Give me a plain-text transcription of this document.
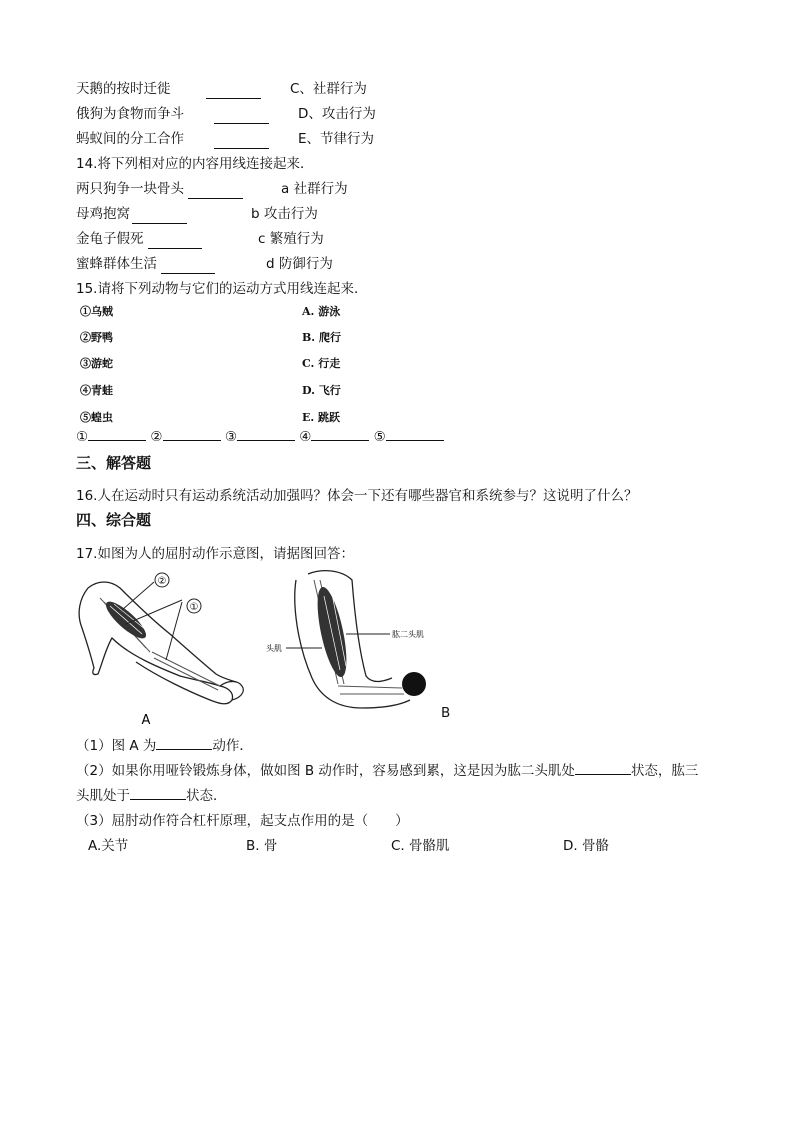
天鹅的按时迁徙	C、社群行为
俄狗为食物而争斗	D、攻击行为
蚂蚁间的分工合作	E、节律行为
14.将下列相对应的内容用线连接起来．
两只狗争一块骨头	a 社群行为
母鸡抱窝	b 攻击行为
金龟子假死	c 繁殖行为
蜜蜂群体生活	d 防御行为
15.请将下列动物与它们的运动方式用线连起来．
①乌贼	A. 游泳
②野鸭	B. 爬行
③游蛇	C. 行走
④青蛙	D. 飞行
⑤蝗虫	E. 跳跃
①	②	③	④	⑤
三、解答题
16.人在运动时只有运动系统活动加强吗？体会一下还有哪些器官和系统参与？这说明了什么？
四、综合题
17.如图为人的屈肘动作示意图，请据图回答：
②
①
A
肱二头肌
头肌
B
（1）图 A 为	动作．
（2）如果你用哑铃锻炼身体，做如图 B 动作时，容易感到累，这是因为肱二头肌处	状态，肱三
头肌处于	状态．
（3）屈肘动作符合杠杆原理，起支点作用的是（　　）
A.关节	B. 骨	C. 骨骼肌	D. 骨骼
